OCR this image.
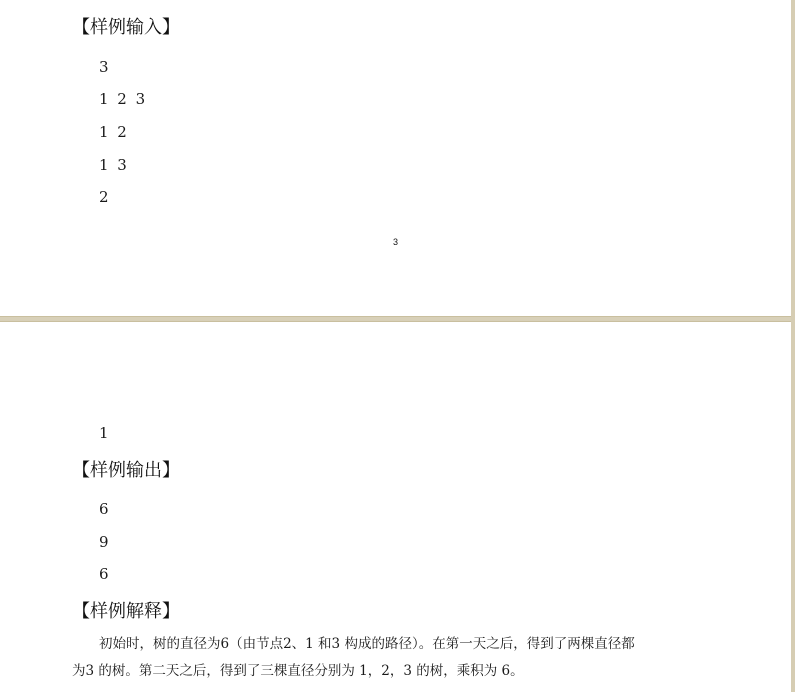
【样例输入】
3
1 2 3
1 2
1 3
2
3
1
【样例输出】
6
9
6
【样例解释】
初始时，树的直径为6（由节点2、1 和3 构成的路径）。在第一天之后，得到了两棵直径都
为3 的树。第二天之后，得到了三棵直径分别为 1，2，3 的树，乘积为 6。
